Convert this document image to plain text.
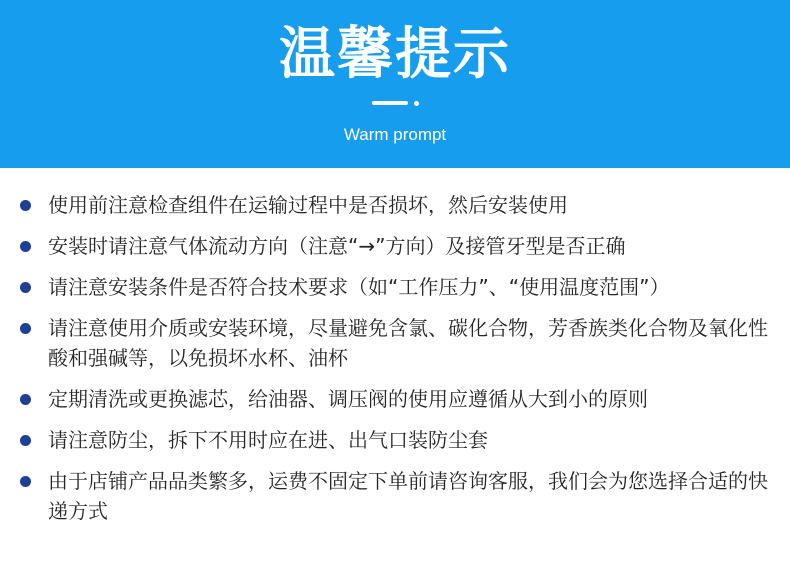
温馨提示
Warm prompt
使用前注意检查组件在运输过程中是否损坏，然后安装使用
安装时请注意气体流动方向（注意“→”方向）及接管牙型是否正确
请注意安装条件是否符合技术要求（如“工作压力”、“使用温度范围”）
请注意使用介质或安装环境，尽量避免含氯、碳化合物，芳香族类化合物及氧化性酸和强碱等，以免损坏水杯、油杯
定期清洗或更换滤芯，给油器、调压阀的使用应遵循从大到小的原则
请注意防尘，拆下不用时应在进、出气口装防尘套
由于店铺产品品类繁多，运费不固定下单前请咨询客服，我们会为您选择合适的快递方式
